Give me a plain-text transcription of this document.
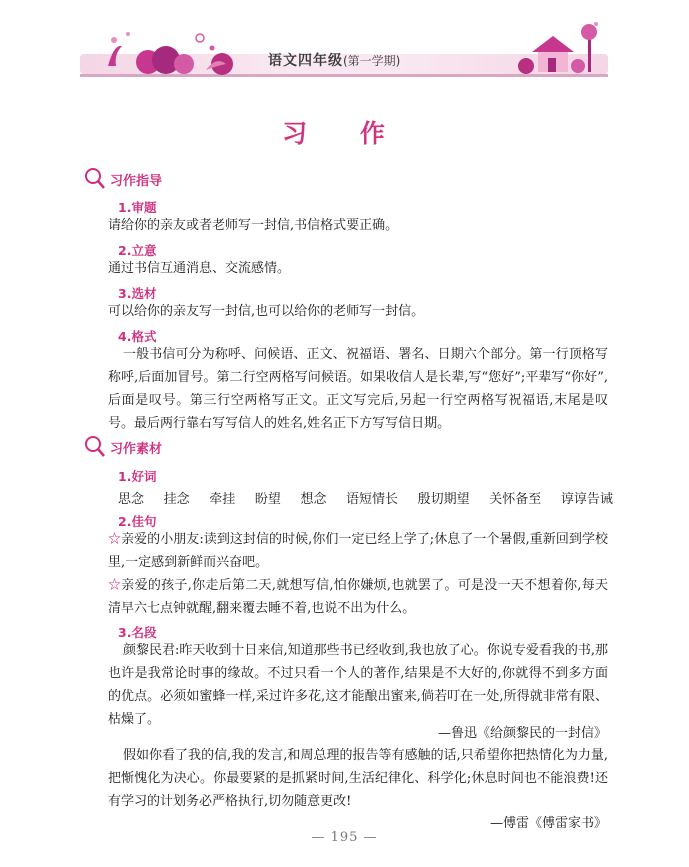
语文四年级(第一学期)
习 作
习作指导
1.审题
请给你的亲友或者老师写一封信,书信格式要正确。
2.立意
通过书信互通消息、交流感情。
3.选材
可以给你的亲友写一封信,也可以给你的老师写一封信。
4.格式
一般书信可分为称呼、问候语、正文、祝福语、署名、日期六个部分。第一行顶格写称呼,后面加冒号。第二行空两格写问候语。如果收信人是长辈,写“您好”;平辈写“你好”,后面是叹号。第三行空两格写正文。正文写完后,另起一行空两格写祝福语,末尾是叹号。最后两行靠右写写信人的姓名,姓名正下方写写信日期。
习作素材
1.好词
思念 挂念 牵挂 盼望 想念 语短情长 殷切期望 关怀备至 谆谆告诫
2.佳句
☆亲爱的小朋友:读到这封信的时候,你们一定已经上学了;休息了一个暑假,重新回到学校里,一定感到新鲜而兴奋吧。
☆亲爱的孩子,你走后第二天,就想写信,怕你嫌烦,也就罢了。可是没一天不想着你,每天清早六七点钟就醒,翻来覆去睡不着,也说不出为什么。
3.名段
颜黎民君:昨天收到十日来信,知道那些书已经收到,我也放了心。你说专爱看我的书,那也许是我常论时事的缘故。不过只看一个人的著作,结果是不大好的,你就得不到多方面的优点。必须如蜜蜂一样,采过许多花,这才能酿出蜜来,倘若叮在一处,所得就非常有限、枯燥了。
—鲁迅《给颜黎民的一封信》
假如你看了我的信,我的发言,和周总理的报告等有感触的话,只希望你把热情化为力量,把惭愧化为决心。你最要紧的是抓紧时间,生活纪律化、科学化;休息时间也不能浪费!还有学习的计划务必严格执行,切勿随意更改!
—傅雷《傅雷家书》
— 195 —
